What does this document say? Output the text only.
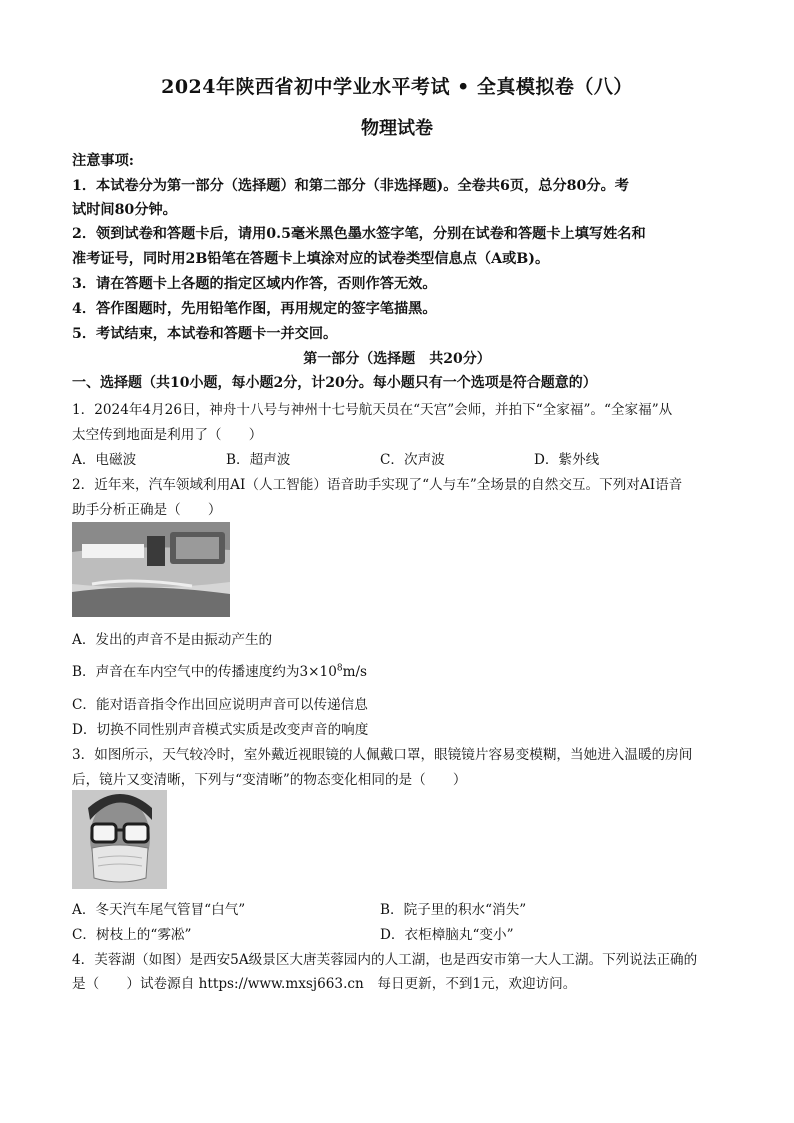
2024年陕西省初中学业水平考试 • 全真模拟卷（八）
物理试卷
注意事项:
1．本试卷分为第一部分（选择题）和第二部分（非选择题)。全卷共6页，总分80分。考
试时间80分钟。
2．领到试卷和答题卡后，请用0.5毫米黑色墨水签字笔，分别在试卷和答题卡上填写姓名和
准考证号，同时用2B铅笔在答题卡上填涂对应的试卷类型信息点（A或B)。
3．请在答题卡上各题的指定区域内作答，否则作答无效。
4．答作图题时，先用铅笔作图，再用规定的签字笔描黑。
5．考试结束，本试卷和答题卡一并交回。
第一部分（选择题　共20分）
一、选择题（共10小题，每小题2分，计20分。每小题只有一个选项是符合题意的）
1．2024年4月26日，神舟十八号与神州十七号航天员在“天宫”会师，并拍下“全家福”。“全家福”从
太空传到地面是利用了（　　）
A．电磁波	B．超声波	C．次声波	D．紫外线
2．近年来，汽车领域利用AI（人工智能）语音助手实现了“人与车”全场景的自然交互。下列对AI语音
助手分析正确是（　　）
A．发出的声音不是由振动产生的
B．声音在车内空气中的传播速度约为$3\times 10^8m/s$
C．能对语音指令作出回应说明声音可以传递信息
D．切换不同性别声音模式实质是改变声音的响度
3．如图所示，天气较冷时，室外戴近视眼镜的人佩戴口罩，眼镜镜片容易变模糊，当她进入温暖的房间
后，镜片又变清晰，下列与“变清晰”的物态变化相同的是（　　）
A．冬天汽车尾气管冒“白气”	B．院子里的积水“消失”
C．树枝上的“雾凇”	D．衣柜樟脑丸“变小”
4．芙蓉湖（如图）是西安5A级景区大唐芙蓉园内的人工湖，也是西安市第一大人工湖。下列说法正确的
是（　　）试卷源自 https://www.mxsj663.cn　每日更新，不到1元，欢迎访问。
